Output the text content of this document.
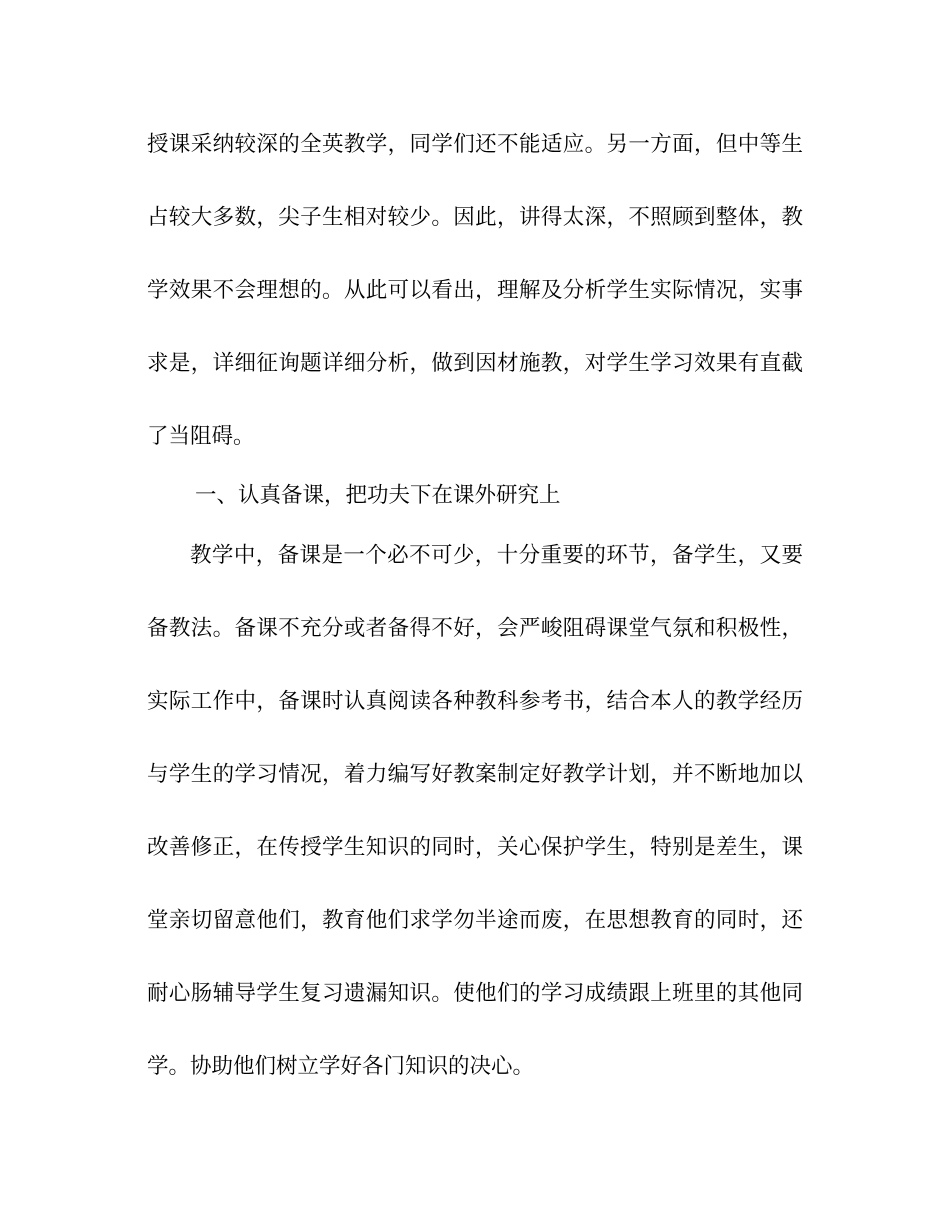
授课采纳较深的全英教学，同学们还不能适应。另一方面，但中等生
占较大多数，尖子生相对较少。因此，讲得太深，不照顾到整体，教
学效果不会理想的。从此可以看出，理解及分析学生实际情况，实事
求是，详细征询题详细分析，做到因材施教，对学生学习效果有直截
了当阻碍。
一、认真备课，把功夫下在课外研究上
教学中，备课是一个必不可少，十分重要的环节，备学生，又要
备教法。备课不充分或者备得不好，会严峻阻碍课堂气氛和积极性，
实际工作中，备课时认真阅读各种教科参考书，结合本人的教学经历
与学生的学习情况，着力编写好教案制定好教学计划，并不断地加以
改善修正，在传授学生知识的同时，关心保护学生，特别是差生，课
堂亲切留意他们，教育他们求学勿半途而废，在思想教育的同时，还
耐心肠辅导学生复习遗漏知识。使他们的学习成绩跟上班里的其他同
学。协助他们树立学好各门知识的决心。
